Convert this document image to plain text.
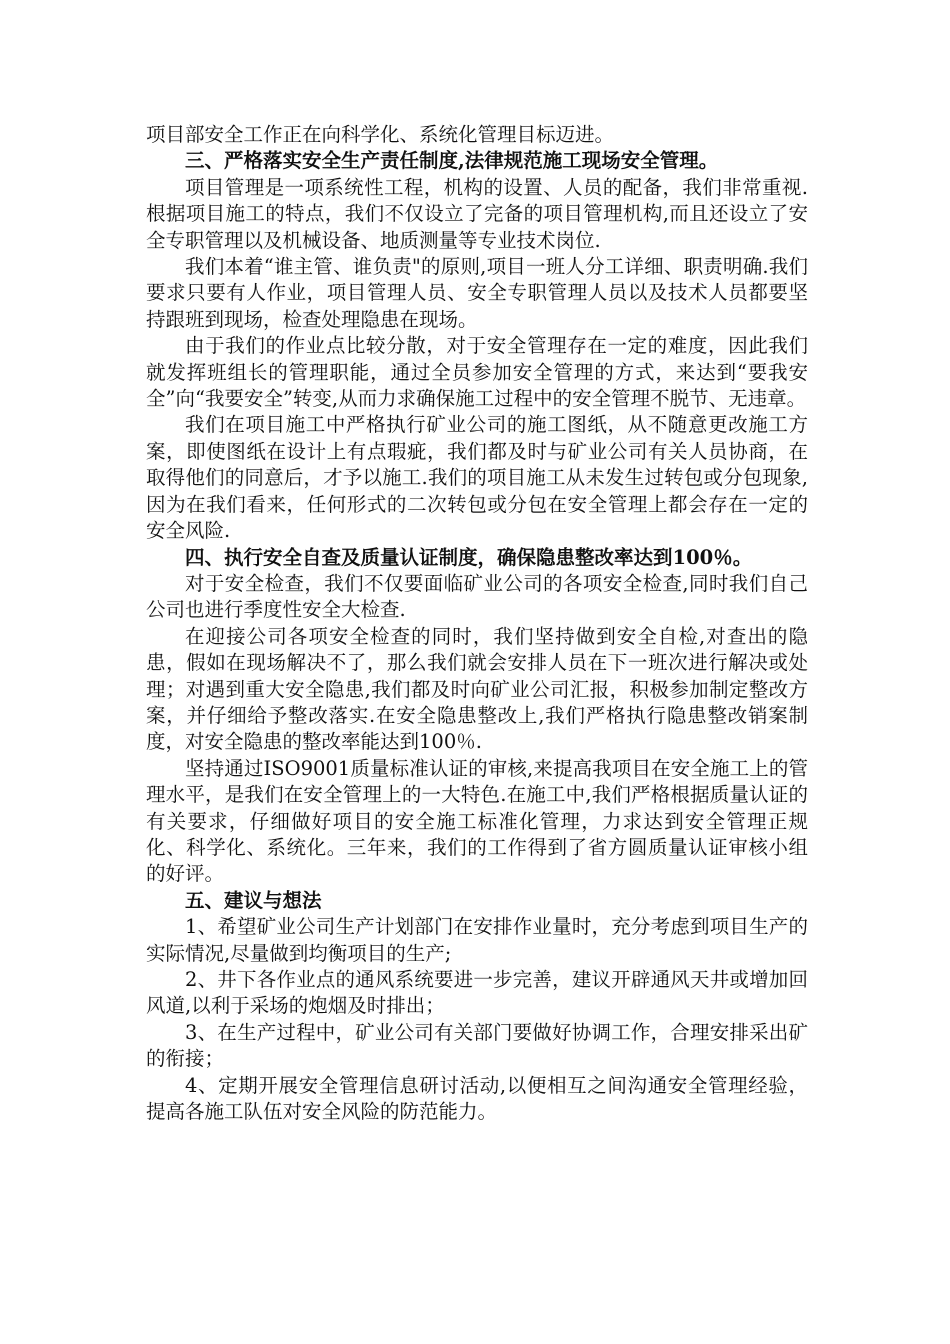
项目部安全工作正在向科学化、系统化管理目标迈进。

三、严格落实安全生产责任制度,法律规范施工现场安全管理。

项目管理是一项系统性工程，机构的设置、人员的配备，我们非常重视.根据项目施工的特点，我们不仅设立了完备的项目管理机构,而且还设立了安全专职管理以及机械设备、地质测量等专业技术岗位.

我们本着“谁主管、谁负责"的原则,项目一班人分工详细、职责明确.我们要求只要有人作业，项目管理人员、安全专职管理人员以及技术人员都要坚持跟班到现场，检查处理隐患在现场。

由于我们的作业点比较分散，对于安全管理存在一定的难度，因此我们就发挥班组长的管理职能，通过全员参加安全管理的方式，来达到“要我安全”向“我要安全”转变,从而力求确保施工过程中的安全管理不脱节、无违章。

我们在项目施工中严格执行矿业公司的施工图纸，从不随意更改施工方案，即使图纸在设计上有点瑕疵，我们都及时与矿业公司有关人员协商，在取得他们的同意后，才予以施工.我们的项目施工从未发生过转包或分包现象,因为在我们看来，任何形式的二次转包或分包在安全管理上都会存在一定的安全风险.

四、执行安全自查及质量认证制度，确保隐患整改率达到100％。

对于安全检查，我们不仅要面临矿业公司的各项安全检查,同时我们自己公司也进行季度性安全大检查.

在迎接公司各项安全检查的同时，我们坚持做到安全自检,对查出的隐患，假如在现场解决不了，那么我们就会安排人员在下一班次进行解决或处理；对遇到重大安全隐患,我们都及时向矿业公司汇报，积极参加制定整改方案，并仔细给予整改落实.在安全隐患整改上,我们严格执行隐患整改销案制度，对安全隐患的整改率能达到100％.

坚持通过ISO9001质量标准认证的审核,来提高我项目在安全施工上的管理水平，是我们在安全管理上的一大特色.在施工中,我们严格根据质量认证的有关要求，仔细做好项目的安全施工标准化管理，力求达到安全管理正规化、科学化、系统化。三年来，我们的工作得到了省方圆质量认证审核小组的好评。

五、建议与想法

1、希望矿业公司生产计划部门在安排作业量时，充分考虑到项目生产的实际情况,尽量做到均衡项目的生产;

2、井下各作业点的通风系统要进一步完善，建议开辟通风天井或增加回风道,以利于采场的炮烟及时排出；

3、在生产过程中，矿业公司有关部门要做好协调工作，合理安排采出矿的衔接；

4、定期开展安全管理信息研讨活动,以便相互之间沟通安全管理经验，提高各施工队伍对安全风险的防范能力。
